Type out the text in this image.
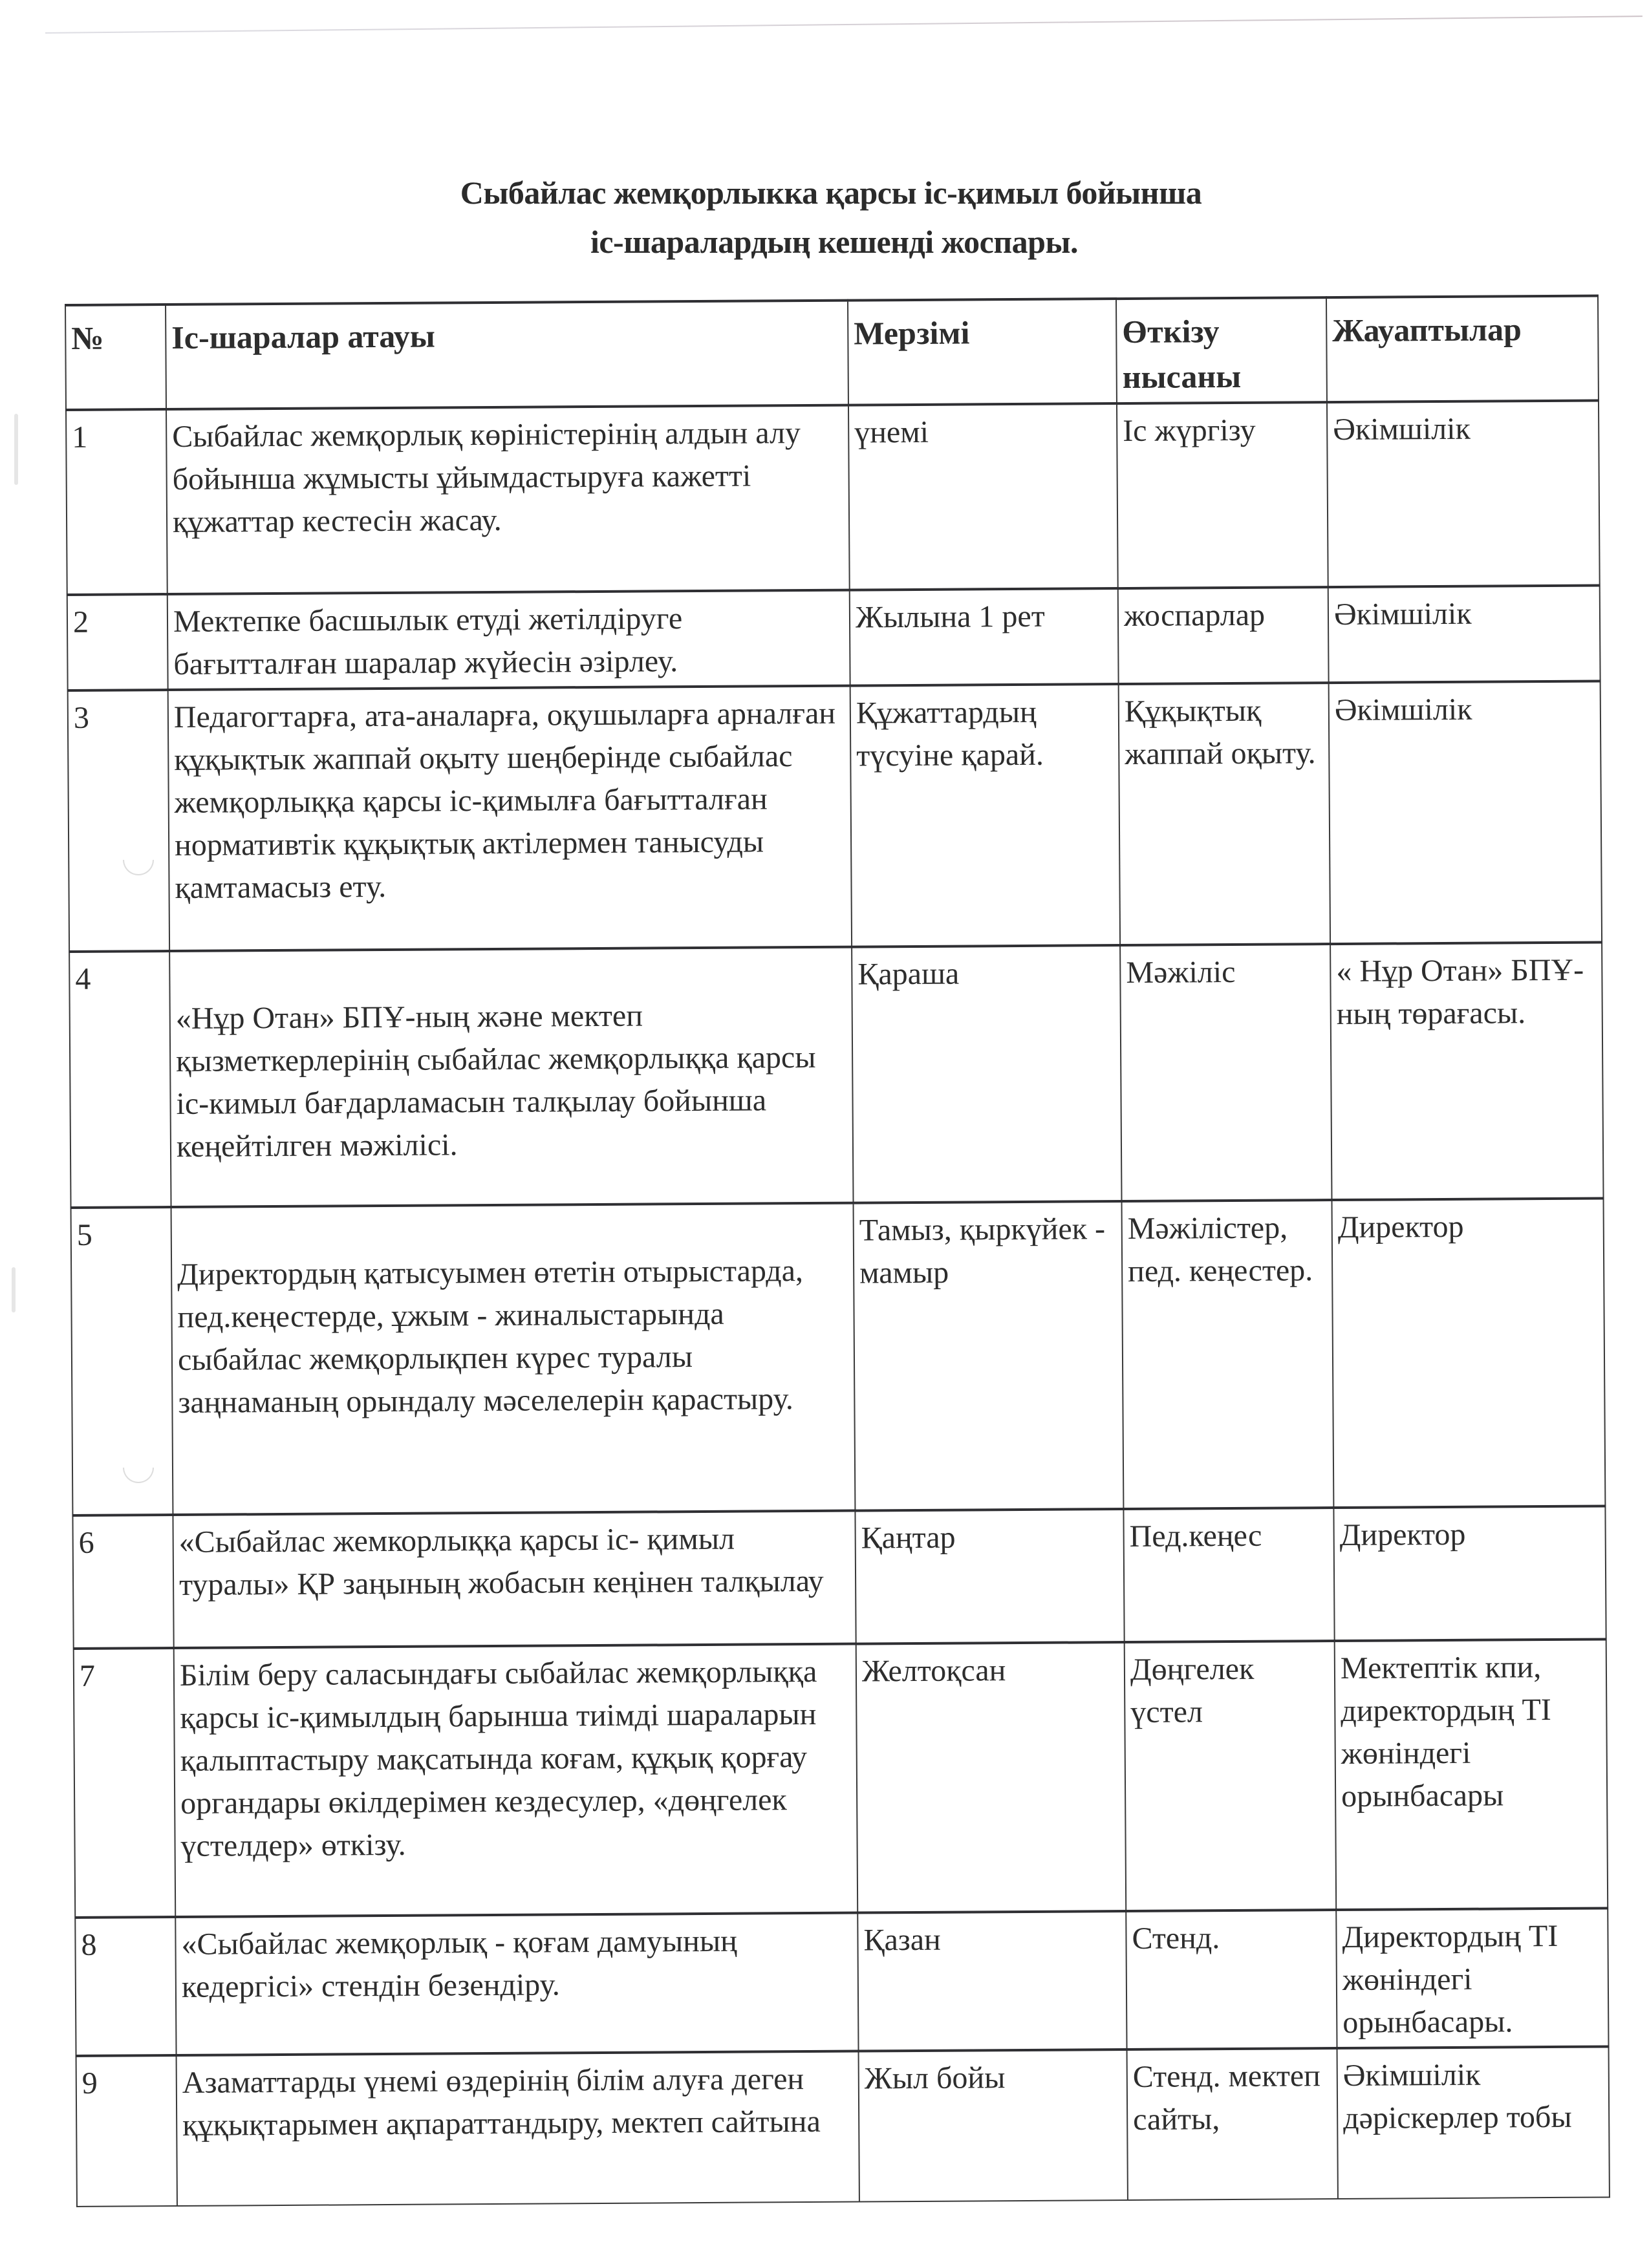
Сыбайлас жемқорлыкка қарсы іс-қимыл бойынша
іс-шаралардың кешенді жоспары.
№	Іс-шаралар атауы	Мерзімі	Өткізу нысаны	Жауаптылар
1	Сыбайлас жемқорлық көріністерінің алдын алу бойынша жұмысты ұйымдастыруға кажетті құжаттар кестесін жасау.	үнемі	Іс жүргізу	Әкімшілік
2	Мектепке басшылык етуді жетілдіруге бағытталған шаралар жүйесін әзірлеу.	Жылына 1 рет	жоспарлар	Әкімшілік
3	Педагогтарға, ата-аналарға, оқушыларға арналған құқықтык жаппай оқыту шеңберінде сыбайлас жемқорлыққа қарсы іс-қимылға бағытталған нормативтік құқықтық актілермен танысуды қамтамасыз ету.	Құжаттардың түсуіне қарай.	Құқықтық жаппай оқыту.	Әкімшілік
4	«Нұр Отан» БПҰ-ның және мектеп қызметкерлерінің сыбайлас жемқорлыққа қарсы іс-кимыл бағдарламасын талқылау бойынша кеңейтілген мәжілісі.	Қараша	Мәжіліс	« Нұр Отан» БПҰ-ның төрағасы.
5	Директордың қатысуымен өтетін отырыстарда, пед.кеңестерде, ұжым - жиналыстарында сыбайлас жемқорлықпен күрес туралы заңнаманың орындалу мәселелерін қарастыру.	Тамыз, қыркүйек - мамыр	Мәжілістер, пед. кеңестер.	Директор
6	«Сыбайлас жемкорлыққа қарсы іс- қимыл туралы» ҚР заңының жобасын кеңінен талқылау	Қаңтар	Пед.кеңес	Директор
7	Білім беру саласындағы сыбайлас жемқорлыққа қарсы іс-қимылдың барынша тиімді шараларын қалыптастыру мақсатында коғам, құқық қорғау органдары өкілдерімен кездесулер, «дөңгелек үстелдер» өткізу.	Желтоқсан	Дөңгелек үстел	Мектептік кпи, директордың ТІ жөніндегі орынбасары
8	«Сыбайлас жемқорлық - қоғам дамуының кедергісі» стендін безендіру.	Қазан	Стенд.	Директордың ТІ жөніндегі орынбасары.
9	Азаматтарды үнемі өздерінің білім алуға деген құқықтарымен ақпараттандыру, мектеп сайтына	Жыл бойы	Стенд. мектеп сайты,	Әкімшілік дәріскерлер тобы
